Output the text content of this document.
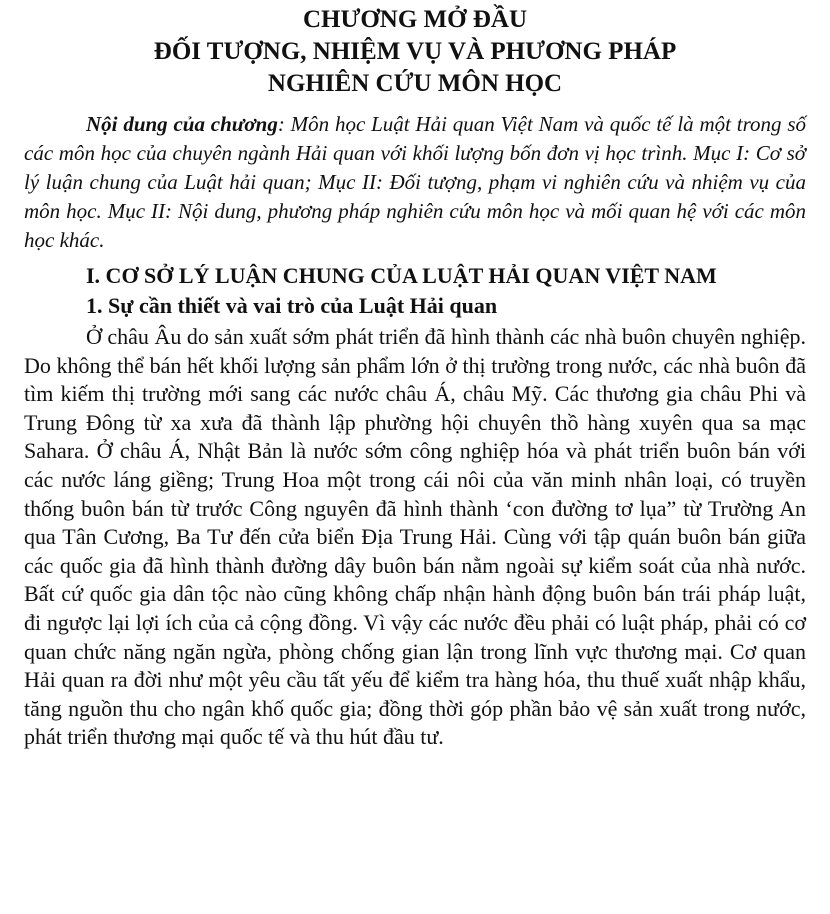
CHƯƠNG MỞ ĐẦU
ĐỐI TƯỢNG, NHIỆM VỤ VÀ PHƯƠNG PHÁP
NGHIÊN CỨU MÔN HỌC

Nội dung của chương: Môn học Luật Hải quan Việt Nam và quốc tế là một trong số các môn học của chuyên ngành Hải quan với khối lượng bốn đơn vị học trình. Mục I: Cơ sở lý luận chung của Luật hải quan; Mục II: Đối tượng, phạm vi nghiên cứu và nhiệm vụ của môn học. Mục II: Nội dung, phương pháp nghiên cứu môn học và mối quan hệ với các môn học khác.

I. CƠ SỞ LÝ LUẬN CHUNG CỦA LUẬT HẢI QUAN VIỆT NAM
1. Sự cần thiết và vai trò của Luật Hải quan

Ở châu Âu do sản xuất sớm phát triển đã hình thành các nhà buôn chuyên nghiệp. Do không thể bán hết khối lượng sản phẩm lớn ở thị trường trong nước, các nhà buôn đã tìm kiếm thị trường mới sang các nước châu Á, châu Mỹ. Các thương gia châu Phi và Trung Đông từ xa xưa đã thành lập phường hội chuyên thồ hàng xuyên qua sa mạc Sahara. Ở châu Á, Nhật Bản là nước sớm công nghiệp hóa và phát triển buôn bán với các nước láng giềng; Trung Hoa một trong cái nôi của văn minh nhân loại, có truyền thống buôn bán từ trước Công nguyên đã hình thành ‘con đường tơ lụa” từ Trường An qua Tân Cương, Ba Tư đến cửa biển Địa Trung Hải. Cùng với tập quán buôn bán giữa các quốc gia đã hình thành đường dây buôn bán nằm ngoài sự kiểm soát của nhà nước. Bất cứ quốc gia dân tộc nào cũng không chấp nhận hành động buôn bán trái pháp luật, đi ngược lại lợi ích của cả cộng đồng. Vì vậy các nước đều phải có luật pháp, phải có cơ quan chức năng ngăn ngừa, phòng chống gian lận trong lĩnh vực thương mại. Cơ quan Hải quan ra đời như một yêu cầu tất yếu để kiểm tra hàng hóa, thu thuế xuất nhập khẩu, tăng nguồn thu cho ngân khố quốc gia; đồng thời góp phần bảo vệ sản xuất trong nước, phát triển thương mại quốc tế và thu hút đầu tư.
